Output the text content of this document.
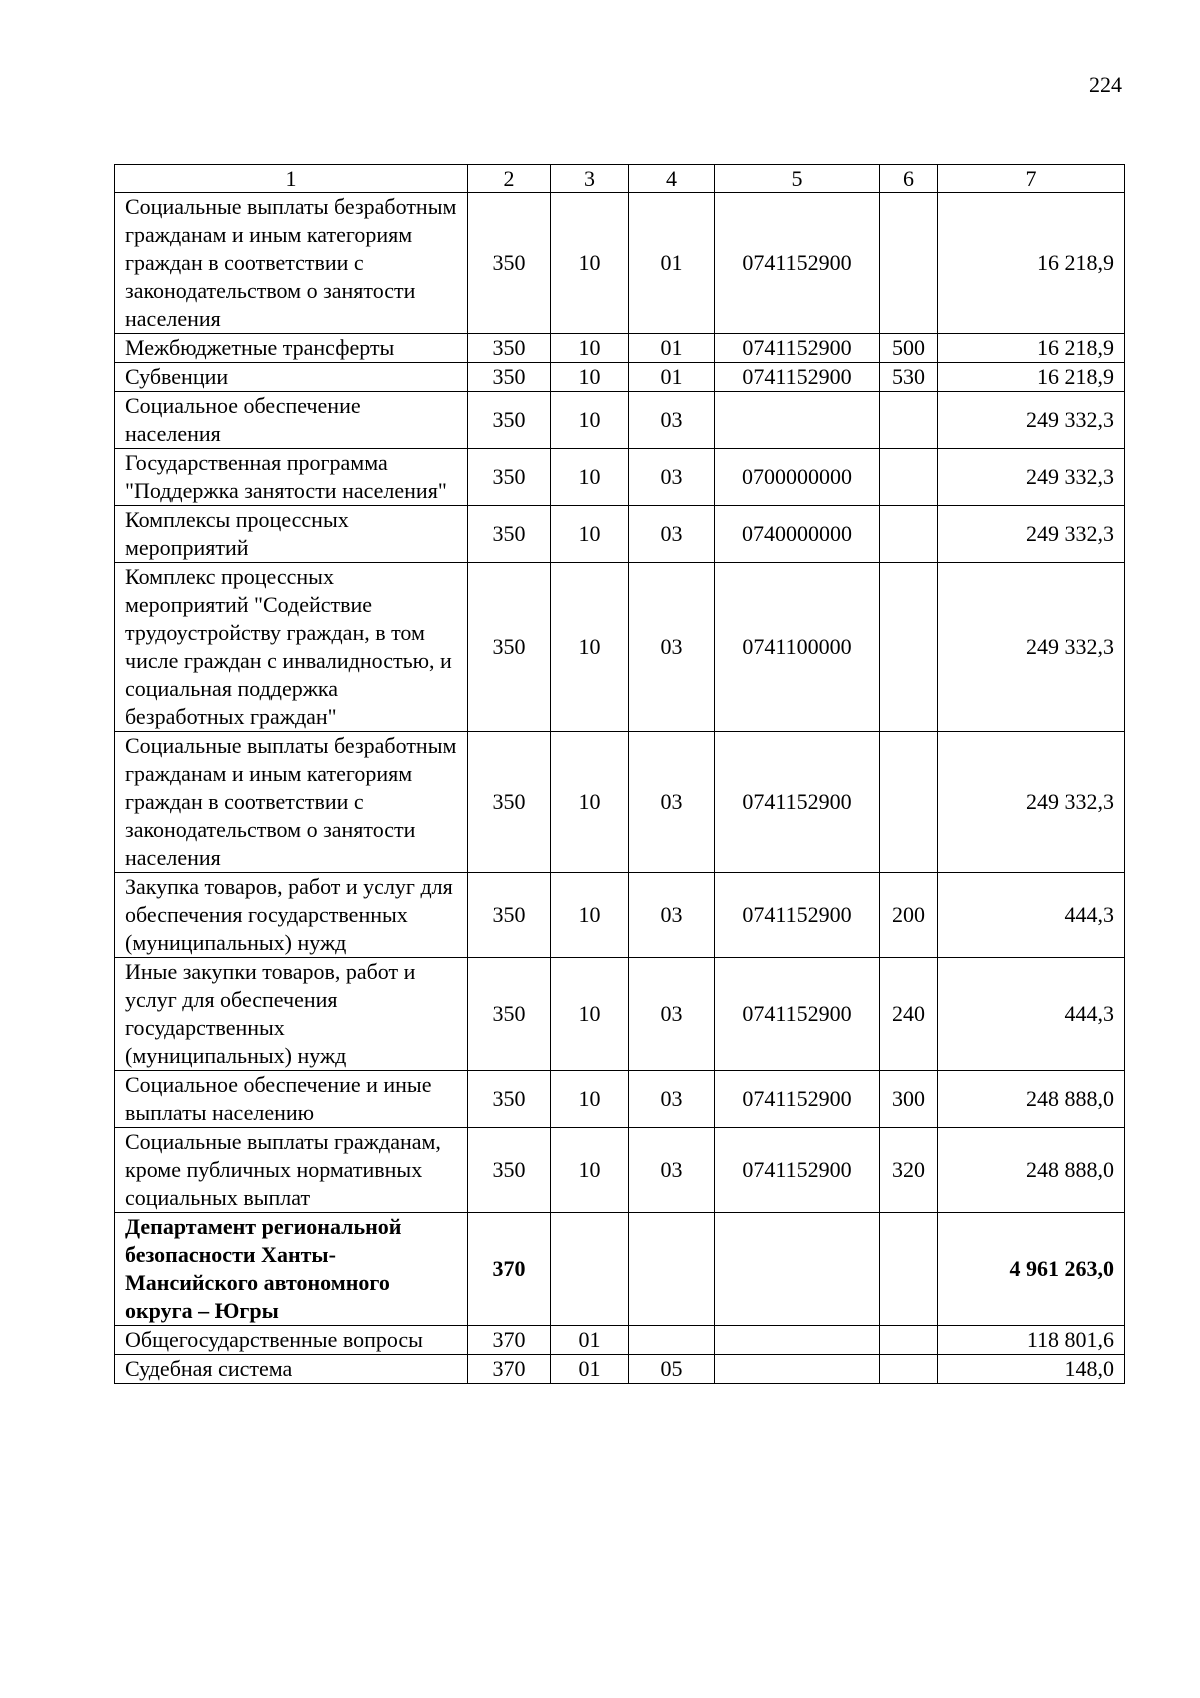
224
1	2	3	4	5	6	7
Социальные выплаты безработным гражданам и иным категориям граждан в соответствии с законодательством о занятости населения	350	10	01	0741152900		16 218,9
Межбюджетные трансферты	350	10	01	0741152900	500	16 218,9
Субвенции	350	10	01	0741152900	530	16 218,9
Социальное обеспечение населения	350	10	03			249 332,3
Государственная программа "Поддержка занятости населения"	350	10	03	0700000000		249 332,3
Комплексы процессных мероприятий	350	10	03	0740000000		249 332,3
Комплекс процессных мероприятий "Содействие трудоустройству граждан, в том числе граждан с инвалидностью, и социальная поддержка безработных граждан"	350	10	03	0741100000		249 332,3
Социальные выплаты безработным гражданам и иным категориям граждан в соответствии с законодательством о занятости населения	350	10	03	0741152900		249 332,3
Закупка товаров, работ и услуг для обеспечения государственных (муниципальных) нужд	350	10	03	0741152900	200	444,3
Иные закупки товаров, работ и услуг для обеспечения государственных (муниципальных) нужд	350	10	03	0741152900	240	444,3
Социальное обеспечение и иные выплаты населению	350	10	03	0741152900	300	248 888,0
Социальные выплаты гражданам, кроме публичных нормативных социальных выплат	350	10	03	0741152900	320	248 888,0
Департамент региональной безопасности Ханты-Мансийского автономного округа – Югры	370					4 961 263,0
Общегосударственные вопросы	370	01				118 801,6
Судебная система	370	01	05			148,0
